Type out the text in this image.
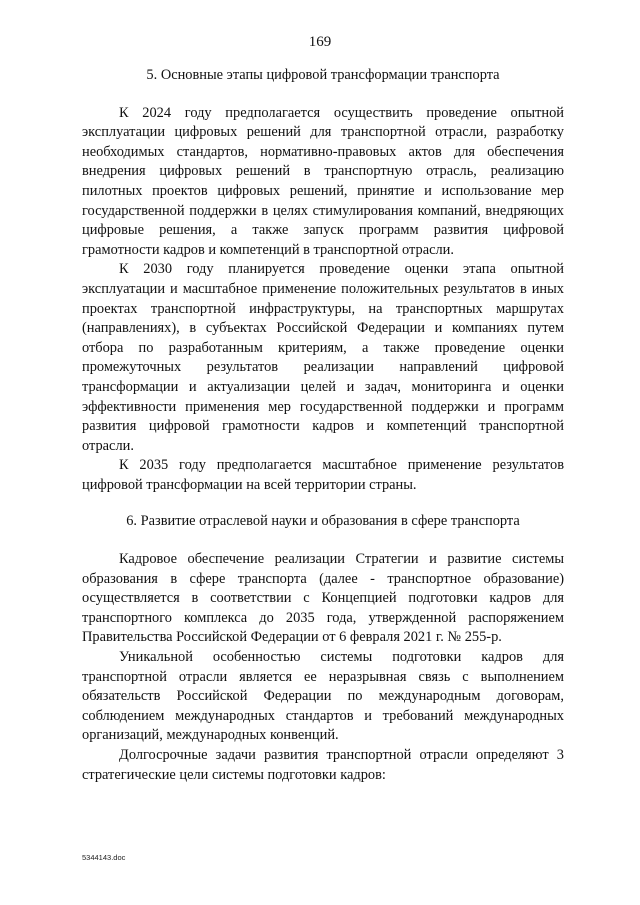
169

5. Основные этапы цифровой трансформации транспорта

К 2024 году предполагается осуществить проведение опытной эксплуатации цифровых решений для транспортной отрасли, разработку необходимых стандартов, нормативно-правовых актов для обеспечения внедрения цифровых решений в транспортную отрасль, реализацию пилотных проектов цифровых решений, принятие и использование мер государственной поддержки в целях стимулирования компаний, внедряющих цифровые решения, а также запуск программ развития цифровой грамотности кадров и компетенций в транспортной отрасли.

К 2030 году планируется проведение оценки этапа опытной эксплуатации и масштабное применение положительных результатов в иных проектах транспортной инфраструктуры, на транспортных маршрутах (направлениях), в субъектах Российской Федерации и компаниях путем отбора по разработанным критериям, а также проведение оценки промежуточных результатов реализации направлений цифровой трансформации и актуализации целей и задач, мониторинга и оценки эффективности применения мер государственной поддержки и программ развития цифровой грамотности кадров и компетенций транспортной отрасли.

К 2035 году предполагается масштабное применение результатов цифровой трансформации на всей территории страны.

6. Развитие отраслевой науки и образования в сфере транспорта

Кадровое обеспечение реализации Стратегии и развитие системы образования в сфере транспорта (далее - транспортное образование) осуществляется в соответствии с Концепцией подготовки кадров для транспортного комплекса до 2035 года, утвержденной распоряжением Правительства Российской Федерации от 6 февраля 2021 г. № 255-р.

Уникальной особенностью системы подготовки кадров для транспортной отрасли является ее неразрывная связь с выполнением обязательств Российской Федерации по международным договорам, соблюдением международных стандартов и требований международных организаций, международных конвенций.

Долгосрочные задачи развития транспортной отрасли определяют 3 стратегические цели системы подготовки кадров:

5344143.doc
